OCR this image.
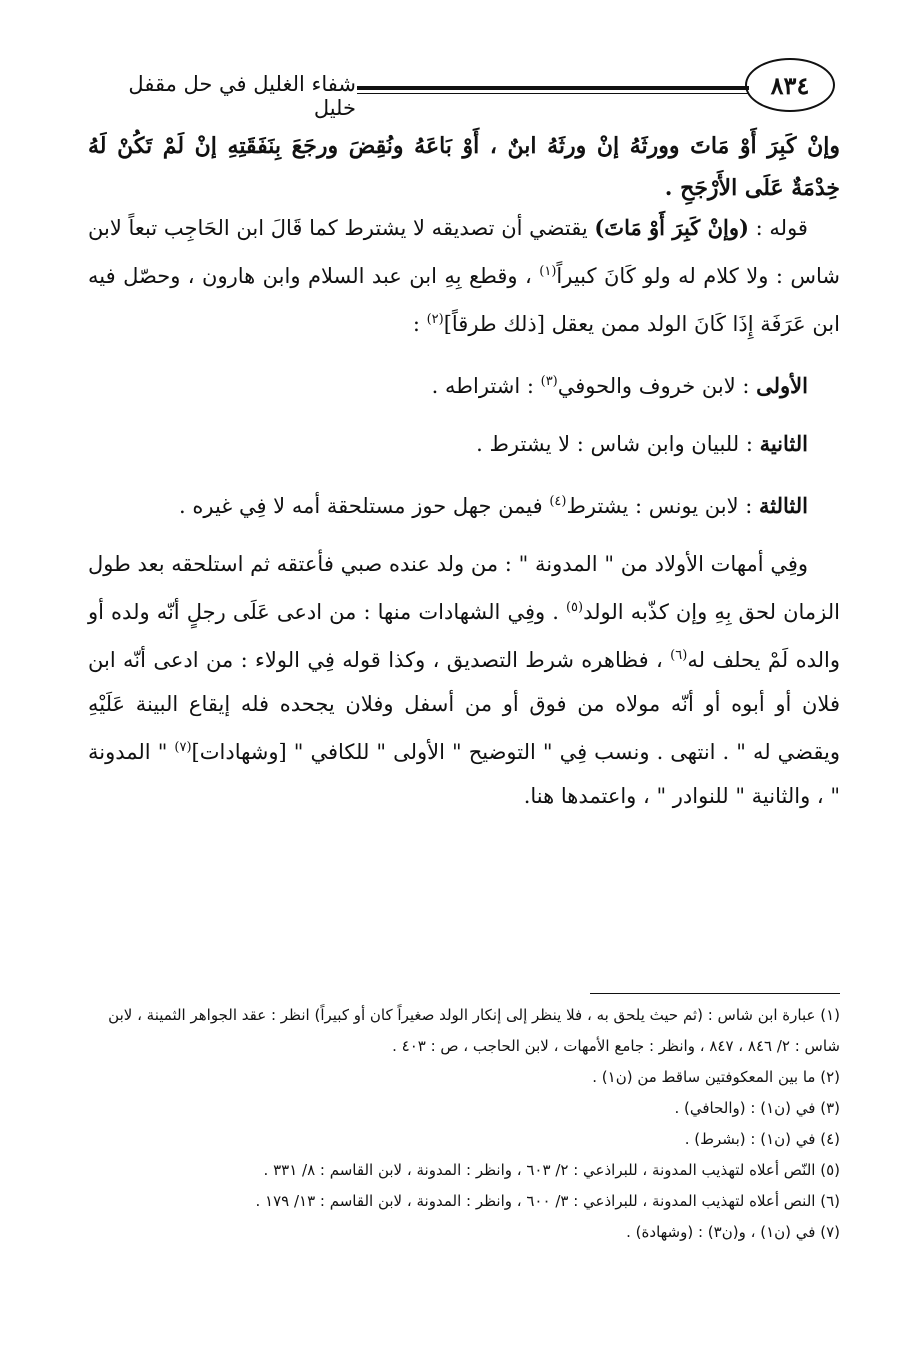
٨٣٤
شفاء الغليل في حل مقفل خليل
وإنْ كَبِرَ أَوْ مَاتَ وورثَهُ إنْ ورثَهُ ابنٌ ، أَوْ بَاعَهُ ونُقِضَ ورجَعَ بِنَفَقَتِهِ إنْ لَمْ تَكُنْ لَهُ خِدْمَةٌ عَلَى الأَرْجَحِ .

قوله : (وإنْ كَبِرَ أَوْ مَاتَ) يقتضي أن تصديقه لا يشترط كما قَالَ ابن الحَاجِب تبعاً لابن شاس : ولا كلام له ولو كَانَ كبيراً$^{(١)}$ ، وقطع بِهِ ابن عبد السلام وابن هارون ، وحصّل فيه ابن عَرَفَة إِذَا كَانَ الولد ممن يعقل [ذلك طرقاً]$^{(٢)}$ :

الأولى : لابن خروف والحوفي$^{(٣)}$ : اشتراطه .

الثانية : للبيان وابن شاس : لا يشترط .

الثالثة : لابن يونس : يشترط$^{(٤)}$ فيمن جهل حوز مستلحقة أمه لا فِي غيره .

وفِي أمهات الأولاد من " المدونة " : من ولد عنده صبي فأعتقه ثم استلحقه بعد طول الزمان لحق بِهِ وإن كذّبه الولد$^{(٥)}$ . وفِي الشهادات منها : من ادعى عَلَى رجلٍ أنّه ولده أو والده لَمْ يحلف له$^{(٦)}$ ، فظاهره شرط التصديق ، وكذا قوله فِي الولاء : من ادعى أنّه ابن فلان أو أبوه أو أنّه مولاه من فوق أو من أسفل وفلان يجحده فله إيقاع البينة عَلَيْهِ ويقضي له " . انتهى . ونسب فِي " التوضيح " الأولى " للكافي " [وشهادات]$^{(٧)}$ " المدونة " ، والثانية " للنوادر " ، واعتمدها هنا.

(١) عبارة ابن شاس : (ثم حيث يلحق به ، فلا ينظر إلى إنكار الولد صغيراً كان أو كبيراً) انظر : عقد الجواهر الثمينة ، لابن شاس : ٢/ ٨٤٦ ، ٨٤٧ ، وانظر : جامع الأمهات ، لابن الحاجب ، ص : ٤٠٣ .

(٢) ما بين المعكوفتين ساقط من (ن١) .

(٣) في (ن١) : (والحافي) .

(٤) في (ن١) : (بشرط) .

(٥) النّص أعلاه لتهذيب المدونة ، للبراذعي : ٢/ ٦٠٣ ، وانظر : المدونة ، لابن القاسم : ٨/ ٣٣١ .

(٦) النص أعلاه لتهذيب المدونة ، للبراذعي : ٣/ ٦٠٠ ، وانظر : المدونة ، لابن القاسم : ١٣/ ١٧٩ .

(٧) في (ن١) ، و(ن٣) : (وشهادة) .
